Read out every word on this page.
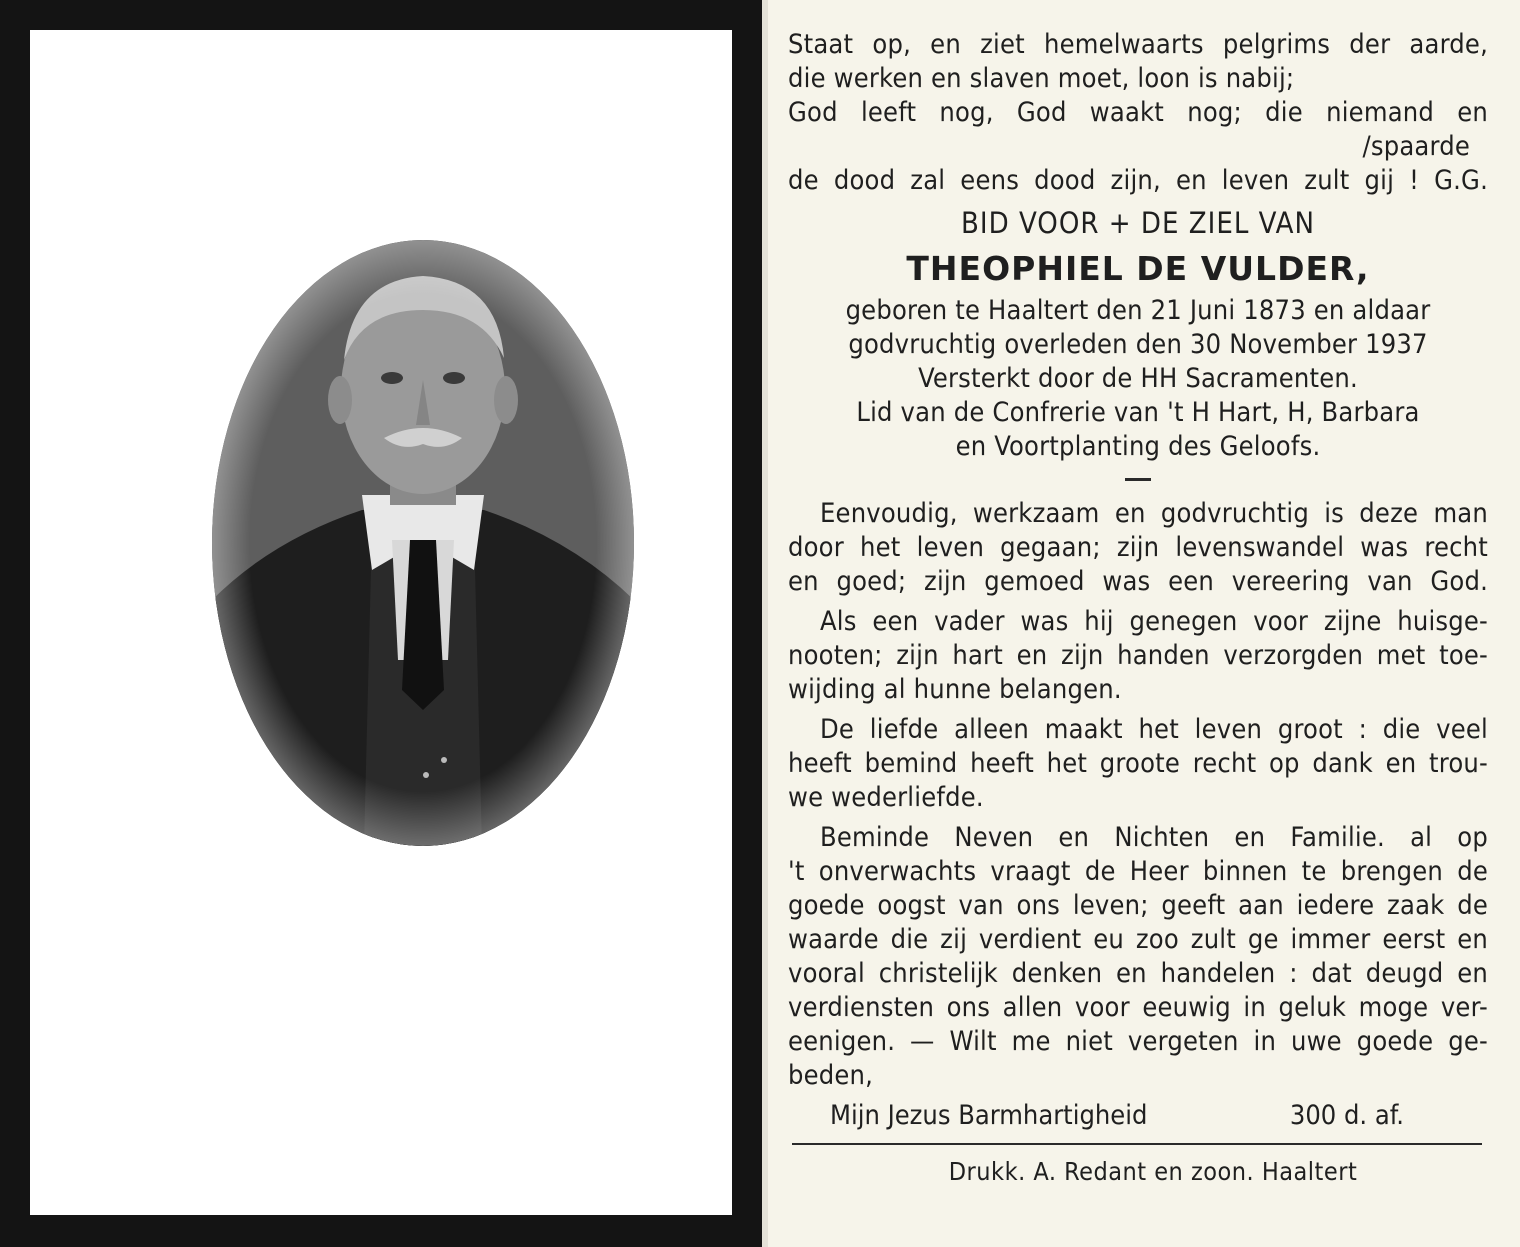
Staat op, en ziet hemelwaarts pelgrims der aarde,
die werken en slaven moet, loon is nabij;
God leeft nog, God waakt nog; die niemand en
/spaarde
de dood zal eens dood zijn, en leven zult gij ! G.G.
BID VOOR + DE ZIEL VAN
THEOPHIEL DE VULDER,
geboren te Haaltert den 21 Juni 1873 en aldaar
godvruchtig overleden den 30 November 1937
Versterkt door de HH Sacramenten.
Lid van de Confrerie van 't H Hart, H, Barbara
en Voortplanting des Geloofs.
Eenvoudig, werkzaam en godvruchtig is deze man
door het leven gegaan; zijn levenswandel was recht
en goed; zijn gemoed was een vereering van God.
Als een vader was hij genegen voor zijne huisge-
nooten; zijn hart en zijn handen verzorgden met toe-
wijding al hunne belangen.
De liefde alleen maakt het leven groot : die veel
heeft bemind heeft het groote recht op dank en trou-
we wederliefde.
Beminde Neven en Nichten en Familie. al op
't onverwachts vraagt de Heer binnen te brengen de
goede oogst van ons leven; geeft aan iedere zaak de
waarde die zij verdient eu zoo zult ge immer eerst en
vooral christelijk denken en handelen : dat deugd en
verdiensten ons allen voor eeuwig in geluk moge ver-
eenigen. — Wilt me niet vergeten in uwe goede ge-
beden,
Mijn Jezus Barmhartigheid	300 d. af.
Drukk. A. Redant en zoon. Haaltert
